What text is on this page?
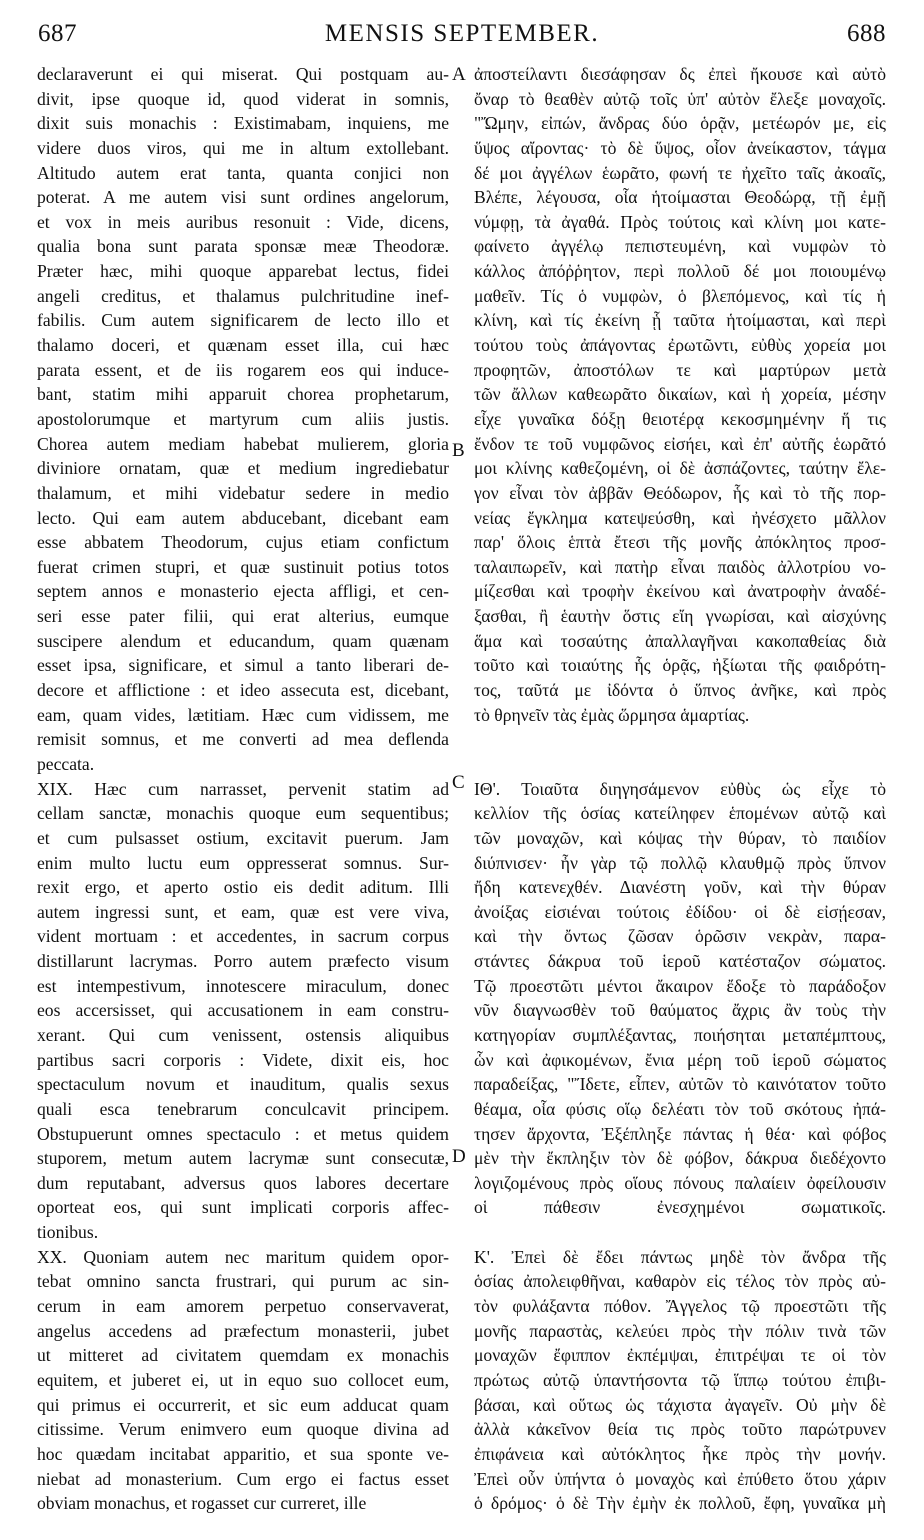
687	MENSIS SEPTEMBER.	688

declaraverunt ei qui miserat. Qui postquam au-

divit, ipse quoque id, quod viderat in somnis,

dixit suis monachis : Existimabam, inquiens, me

videre duos viros, qui me in altum extollebant.

Altitudo autem erat tanta, quanta conjici non

poterat. A me autem visi sunt ordines angelorum,

et vox in meis auribus resonuit : Vide, dicens,

qualia bona sunt parata sponsæ meæ Theodoræ.

Præter hæc, mihi quoque apparebat lectus, fidei

angeli creditus, et thalamus pulchritudine inef-

fabilis. Cum autem significarem de lecto illo et

thalamo doceri, et quænam esset illa, cui hæc

parata essent, et de iis rogarem eos qui induce-

bant, statim mihi apparuit chorea prophetarum,

apostolorumque et martyrum cum aliis justis.

Chorea autem mediam habebat mulierem, gloria

diviniore ornatam, quæ et medium ingrediebatur

thalamum, et mihi videbatur sedere in medio

lecto. Qui eam autem abducebant, dicebant eam

esse abbatem Theodorum, cujus etiam confictum

fuerat crimen stupri, et quæ sustinuit potius totos

septem annos e monasterio ejecta affligi, et cen-

seri esse pater filii, qui erat alterius, eumque

suscipere alendum et educandum, quam quænam

esset ipsa, significare, et simul a tanto liberari de-

decore et afflictione : et ideo assecuta est, dicebant,

eam, quam vides, lætitiam. Hæc cum vidissem, me

remisit somnus, et me converti ad mea deflenda

peccata.

XIX. Hæc cum narrasset, pervenit statim ad

cellam sanctæ, monachis quoque eum sequentibus;

et cum pulsasset ostium, excitavit puerum. Jam

enim multo luctu eum oppresserat somnus. Sur-

rexit ergo, et aperto ostio eis dedit aditum. Illi

autem ingressi sunt, et eam, quæ est vere viva,

vident mortuam : et accedentes, in sacrum corpus

distillarunt lacrymas. Porro autem præfecto visum

est intempestivum, innotescere miraculum, donec

eos accersisset, qui accusationem in eam constru-

xerant. Qui cum venissent, ostensis aliquibus

partibus sacri corporis : Videte, dixit eis, hoc

spectaculum novum et inauditum, qualis sexus

quali esca tenebrarum conculcavit principem.

Obstupuerunt omnes spectaculo : et metus quidem

stuporem, metum autem lacrymæ sunt consecutæ,

dum reputabant, adversus quos labores decertare

oporteat eos, qui sunt implicati corporis affec-

tionibus.

XX. Quoniam autem nec maritum quidem opor-

tebat omnino sancta frustrari, qui purum ac sin-

cerum in eam amorem perpetuo conservaverat,

angelus accedens ad præfectum monasterii, jubet

ut mitteret ad civitatem quemdam ex monachis

equitem, et juberet ei, ut in equo suo collocet eum,

qui primus ei occurrerit, et sic eum adducat quam

citissime. Verum enimvero eum quoque divina ad

hoc quædam incitabat apparitio, et sua sponte ve-

niebat ad monasterium. Cum ergo ei factus esset

obviam monachus, et rogasset cur curreret, ille

ἀποστείλαντι διεσάφησαν δς ἐπεὶ ἤκουσε καὶ αὐτὸ

ὄναρ τὸ θεαθὲν αὐτῷ τοῖς ὑπ' αὐτὸν ἔλεξε μοναχοῖς.

"Ὤμην, εἰπών, ἄνδρας δύο ὁρᾷν, μετέωρόν με, εἰς

ὕψος αἴροντας· τὸ δὲ ὕψος, οἷον ἀνείκαστον, τάγμα

δέ μοι ἀγγέλων ἑωρᾶτο, φωνή τε ἠχεῖτο ταῖς ἀκοαῖς,

Βλέπε, λέγουσα, οἷα ἡτοίμασται Θεοδώρᾳ, τῇ ἐμῇ

νύμφῃ, τὰ ἀγαθά. Πρὸς τούτοις καὶ κλίνη μοι κατε-

φαίνετο ἀγγέλῳ πεπιστευμένη, καὶ νυμφὼν τὸ

κάλλος ἀπόῤῥητον, περὶ πολλοῦ δέ μοι ποιουμένῳ

μαθεῖν. Τίς ὁ νυμφὼν, ὁ βλεπόμενος, καὶ τίς ἡ

κλίνη, καὶ τίς ἐκείνη ᾗ ταῦτα ἡτοίμασται, καὶ περὶ

τούτου τοὺς ἀπάγοντας ἐρωτῶντι, εὐθὺς χορεία μοι

προφητῶν, ἀποστόλων τε καὶ μαρτύρων μετὰ

τῶν ἄλλων καθεωρᾶτο δικαίων, καὶ ἡ χορεία, μέσην

εἶχε γυναῖκα δόξῃ θειοτέρᾳ κεκοσμημένην ἥ τις

ἔνδον τε τοῦ νυμφῶνος εἰσήει, καὶ ἐπ' αὐτῆς ἑωρᾶτό

μοι κλίνης καθεζομένη, οἱ δὲ ἀσπάζοντες, ταύτην ἔλε-

γον εἶναι τὸν ἀββᾶν Θεόδωρον, ἧς καὶ τὸ τῆς πορ-

νείας ἔγκλημα κατεψεύσθη, καὶ ἠνέσχετο μᾶλλον

παρ' ὅλοις ἑπτὰ ἔτεσι τῆς μονῆς ἀπόκλητος προσ-

ταλαιπωρεῖν, καὶ πατὴρ εἶναι παιδὸς ἀλλοτρίου νο-

μίζεσθαι καὶ τροφὴν ἐκείνου καὶ ἀνατροφὴν ἀναδέ-

ξασθαι, ἢ ἑαυτὴν ὅστις εἴη γνωρίσαι, καὶ αἰσχύνης

ἅμα καὶ τοσαύτης ἀπαλλαγῆναι κακοπαθείας διὰ

τοῦτο καὶ τοιαύτης ἧς ὁρᾷς, ἠξίωται τῆς φαιδρότη-

τος, ταῦτά με ἰδόντα ὁ ὕπνος ἀνῆκε, καὶ πρὸς

τὸ θρηνεῖν τὰς ἐμὰς ὥρμησα ἁμαρτίας.

ΙΘ'. Τοιαῦτα διηγησάμενον εὐθὺς ὡς εἶχε τὸ

κελλίον τῆς ὁσίας κατείληφεν ἑπομένων αὐτῷ καὶ

τῶν μοναχῶν, καὶ κόψας τὴν θύραν, τὸ παιδίον

διύπνισεν· ἦν γὰρ τῷ πολλῷ κλαυθμῷ πρὸς ὕπνον

ἤδη κατενεχθέν. Διανέστη γοῦν, καὶ τὴν θύραν

ἀνοίξας εἰσιέναι τούτοις ἐδίδου· οἱ δὲ εἰσῄεσαν,

καὶ τὴν ὄντως ζῶσαν ὁρῶσιν νεκρὰν, παρα-

στάντες δάκρυα τοῦ ἱεροῦ κατέσταζον σώματος.

Τῷ προεστῶτι μέντοι ἄκαιρον ἔδοξε τὸ παράδοξον

νῦν διαγνωσθὲν τοῦ θαύματος ἄχρις ἂν τοὺς τὴν

κατηγορίαν συμπλέξαντας, ποιήσηται μεταπέμπτους,

ὧν καὶ ἀφικομένων, ἔνια μέρη τοῦ ἱεροῦ σώματος

παραδείξας, "Ἴδετε, εἶπεν, αὐτῶν τὸ καινότατον τοῦτο

θέαμα, οἷα φύσις οἵῳ δελέατι τὸν τοῦ σκότους ἠπά-

τησεν ἄρχοντα, Ἐξέπληξε πάντας ἡ θέα· καὶ φόβος

μὲν τὴν ἔκπληξιν τὸν δὲ φόβον, δάκρυα διεδέχοντο

λογιζομένους πρὸς οἵους πόνους παλαίειν ὀφείλουσιν

οἱ πάθεσιν ἐνεσχημένοι σωματικοῖς.

Κ'. Ἐπεὶ δὲ ἔδει πάντως μηδὲ τὸν ἄνδρα τῆς

ὁσίας ἀπολειφθῆναι, καθαρὸν εἰς τέλος τὸν πρὸς αὐ-

τὸν φυλάξαντα πόθον. Ἄγγελος τῷ προεστῶτι τῆς

μονῆς παραστὰς, κελεύει πρὸς τὴν πόλιν τινὰ τῶν

μοναχῶν ἔφιππον ἐκπέμψαι, ἐπιτρέψαι τε οἱ τὸν

πρώτως αὐτῷ ὑπαντήσοντα τῷ ἵππῳ τούτου ἐπιβι-

βάσαι, καὶ οὕτως ὡς τάχιστα ἀγαγεῖν. Οὐ μὴν δὲ

ἀλλὰ κἀκεῖνον θεία τις πρὸς τοῦτο παρώτρυνεν

ἐπιφάνεια καὶ αὐτόκλητος ἧκε πρὸς τὴν μονήν.

Ἐπεὶ οὖν ὑπήντα ὁ μοναχὸς καὶ ἐπύθετο ὅτου χάριν

ὁ δρόμος· ὁ δὲ Τὴν ἐμὴν ἐκ πολλοῦ, ἔφη, γυναῖκα μὴ

A
B
C
D
